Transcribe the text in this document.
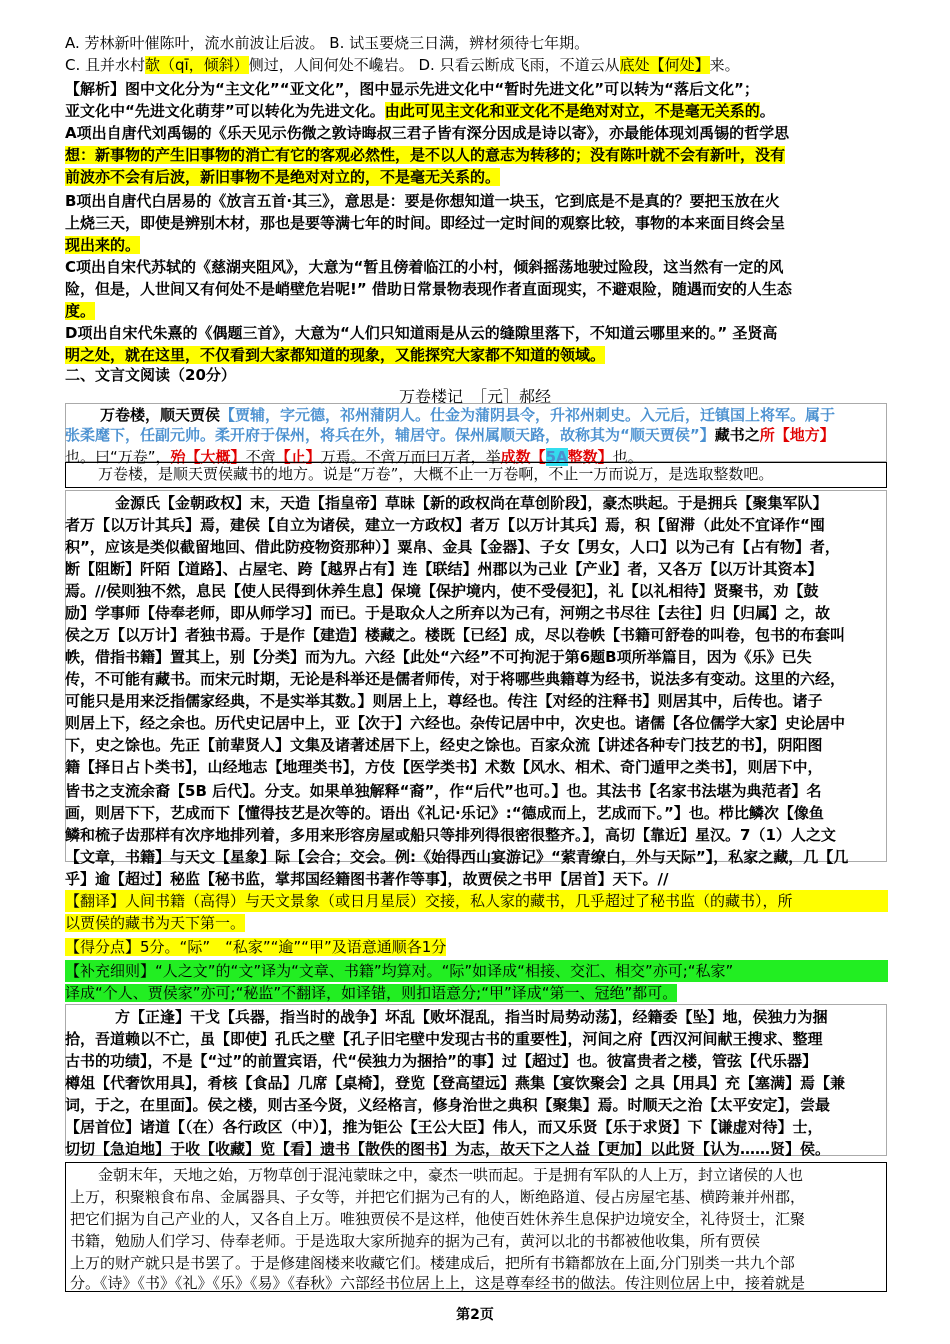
A. 芳林新叶催陈叶，流水前波让后波。 B. 试玉要烧三日满，辨材须待七年期。
C. 且并水村欹（qī，倾斜）侧过，人间何处不巉岩。 D. 只看云断成飞雨，不道云从底处【何处】来。
【解析】图中文化分为“主文化”“亚文化”，图中显示先进文化中“暂时先进文化”可以转为“落后文化”；
亚文化中“先进文化萌芽”可以转化为先进文化。由此可见主文化和亚文化不是绝对对立，不是毫无关系的。
A项出自唐代刘禹锡的《乐天见示伤微之敦诗晦叔三君子皆有深分因成是诗以寄》，亦最能体现刘禹锡的哲学思
想：新事物的产生旧事物的消亡有它的客观必然性，是不以人的意志为转移的；没有陈叶就不会有新叶，没有
前波亦不会有后波，新旧事物不是绝对对立的，不是毫无关系的。
B项出自唐代白居易的《放言五首·其三》，意思是：要是你想知道一块玉，它到底是不是真的？要把玉放在火
上烧三天，即使是辨别木材，那也是要等满七年的时间。即经过一定时间的观察比较，事物的本来面目终会呈
现出来的。
C项出自宋代苏轼的《慈湖夹阻风》，大意为“暂且傍着临江的小村，倾斜摇荡地驶过险段，这当然有一定的风
险，但是，人世间又有何处不是峭壁危岩呢!” 借助日常景物表现作者直面现实，不避艰险，随遇而安的人生态
度。
D项出自宋代朱熹的《偶题三首》，大意为“人们只知道雨是从云的缝隙里落下，不知道云哪里来的。” 圣贤高
明之处，就在这里，不仅看到大家都知道的现象，又能探究大家都不知道的领域。
二、文言文阅读（20分）
万卷楼记　［元］郝经
万卷楼，顺天贾侯【贾辅，字元德，祁州蒲阴人。仕金为蒲阴县令，升祁州刺史。入元后，迁镇国上将军。属于
张柔麾下，任副元帅。柔开府于保州，将兵在外，辅居守。保州属顺天路，故称其为“顺天贾侯”】藏书之所【地方】
也。曰“万卷”，殆【大概】不啻【止】万焉。不啻万而曰万者，举成数【5A整数】也。
万卷楼，是顺天贾侯藏书的地方。说是“万卷”，大概不止一万卷啊，不止一万而说万，是选取整数吧。
金源氏【金朝政权】末，天造【指皇帝】草昧【新的政权尚在草创阶段】，豪杰哄起。于是拥兵【聚集军队】
者万【以万计其兵】焉，建侯【自立为诸侯，建立一方政权】者万【以万计其兵】焉，积【留滞（此处不宜译作“囤
积”，应该是类似截留地回、借此防疫物资那种）】粟帛、金具【金器】、子女【男女，人口】以为己有【占有物】者，
断【阻断】阡陌【道路】、占屋宅、跨【越界占有】连【联结】州郡以为己业【产业】者，又各万【以万计其资本】
焉。//侯则独不然，息民【使人民得到休养生息】保境【保护境内，使不受侵犯】，礼【以礼相待】贤聚书，劝【鼓
励】学事师【侍奉老师，即从师学习】而已。于是取众人之所弃以为己有，河朔之书尽往【去往】归【归属】之，故
侯之万【以万计】者独书焉。于是作【建造】楼藏之。楼既【已经】成，尽以卷帙【书籍可舒卷的叫卷，包书的布套叫
帙，借指书籍】置其上，别【分类】而为九。六经【此处“六经”不可拘泥于第6题B项所举篇目，因为《乐》已失
传，不可能有藏书。而宋元时期，无论是科举还是儒者师传，对于将哪些典籍尊为经书，说法多有变动。这里的六经，
可能只是用来泛指儒家经典，不是实举其数。】则居上上，尊经也。传注【对经的注释书】则居其中，后传也。诸子
则居上下，经之余也。历代史记居中上，亚【次于】六经也。杂传记居中中，次史也。诸儒【各位儒学大家】史论居中
下，史之馀也。先正【前辈贤人】文集及诸著述居下上，经史之馀也。百家众流【讲述各种专门技艺的书】，阴阳图
籍【择日占卜类书】，山经地志【地理类书】，方伎【医学类书】术数【风水、相术、奇门遁甲之类书】，则居下中，
皆书之支流余裔【5B 后代】。分支。如果单独解释“裔”，作“后代”也可。】也。其法书【名家书法堪为典范者】名
画，则居下下，艺成而下【懂得技艺是次等的。语出《礼记·乐记》:“德成而上，艺成而下。”】也。栉比鳞次【像鱼
鳞和梳子齿那样有次序地排列着，多用来形容房屋或船只等排列得很密很整齐。】，高切【靠近】星汉。7（1）人之文
【文章，书籍】与天文【星象】际【会合；交会。例:《始得西山宴游记》“萦青缭白，外与天际”】，私家之藏，几【几
乎】逾【超过】秘监【秘书监，掌邦国经籍图书著作等事】，故贾侯之书甲【居首】天下。//
【翻译】人间书籍（高得）与天文景象（或日月星辰）交接，私人家的藏书，几乎超过了秘书监（的藏书），所
以贾侯的藏书为天下第一。
【得分点】5分。“际”　“私家”“逾”“甲”及语意通顺各1分
【补充细则】“人之文”的“文”译为“文章、书籍”均算对。“际”如译成“相接、交汇、相交”亦可;“私家”
译成“个人、贾侯家”亦可;“秘监”不翻译，如译错，则扣语意分;“甲”译成“第一、冠绝”都可。
方【正逢】干戈【兵器，指当时的战争】坏乱【败坏混乱，指当时局势动荡】，经籍委【坠】地，侯独力为捆
拾，吾道赖以不亡，虽【即使】孔氏之壁【孔子旧宅壁中发现古书的重要性】，河间之府【西汉河间献王搜求、整理
古书的功绩】，不是【“过”的前置宾语，代“侯独力为捆拾”的事】过【超过】也。彼富贵者之楼，管弦【代乐器】
樽俎【代奢饮用具】，肴核【食品】几席【桌椅】，登览【登高望远】燕集【宴饮聚会】之具【用具】充【塞满】焉【兼
词，于之，在里面】。侯之楼，则古圣今贤，义经格言，修身治世之典积【聚集】焉。时顺天之治【太平安定】，尝最
【居首位】诸道【（在）各行政区（中）】，推为钜公【王公大臣】伟人，而又乐贤【乐于求贤】下【谦虚对待】士，
切切【急迫地】于收【收藏】览【看】遗书【散佚的图书】为志，故天下之人益【更加】以此贤【认为……贤】侯。
金朝末年，天地之始，万物草创于混沌蒙昧之中，豪杰一哄而起。于是拥有军队的人上万，封立诸侯的人也
上万，积聚粮食布帛、金属器具、子女等，并把它们据为己有的人，断绝路道、侵占房屋宅基、横跨兼并州郡，
把它们据为自己产业的人，又各自上万。唯独贾侯不是这样，他使百姓休养生息保护边境安全，礼待贤士，汇聚
书籍，勉励人们学习、侍奉老师。于是选取大家所抛弃的据为己有，黄河以北的书都被他收集，所有贾侯
上万的财产就只是书罢了。于是修建阁楼来收藏它们。楼建成后，把所有书籍都放在上面,分门别类一共九个部
分。《诗》《书》《礼》《乐》《易》《春秋》六部经书位居上上，这是尊奉经书的做法。传注则位居上中，接着就是
第2页
